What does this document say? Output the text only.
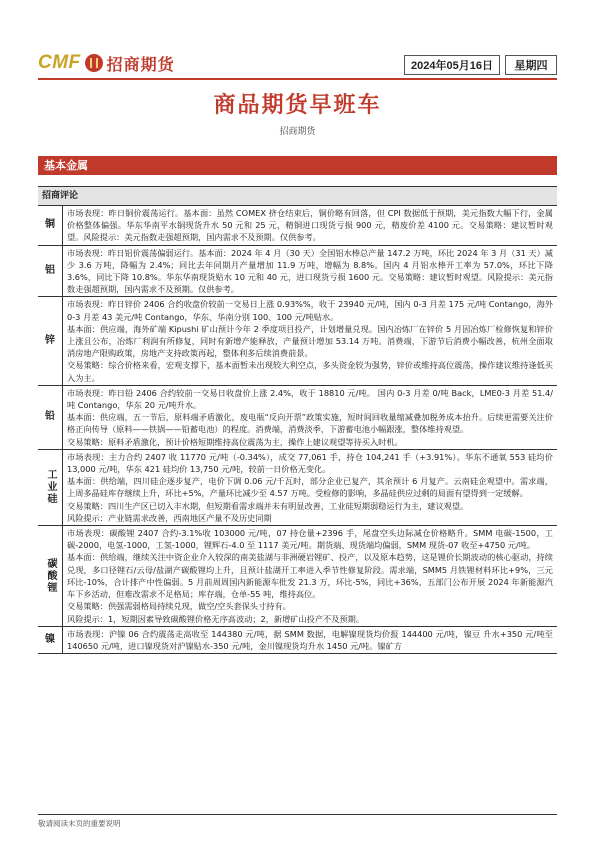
CMF 招商期货	2024年05月16日	星期四
商品期货早班车
招商期货
基本金属
招商评论
铜

市场表现：昨日铜价震荡运行。基本面：虽然 COMEX 挤仓结束后，铜价略有回落，但 CPI 数据低于预期，美元指数大幅下行，金属价格整体偏强。华东华南平水铜现货升水 50 元和 25 元，精铜进口现货亏损 900 元，精废价差 4100 元。交易策略：建议暂时观望。风险提示：美元指数走强超预期，国内需求不及预期。仅供参考。

铝

市场表现：昨日铝价震荡偏弱运行。基本面：2024 年 4 月（30 天）全国铝水棒总产量 147.2 万吨，环比 2024 年 3 月（31 天）减少 3.6 万吨，降幅为 2.4%；同比去年同期月产量增加 11.9 万吨，增幅为 8.8%。国内 4 月铝水棒开工率为 57.0%，环比下降 3.6%，同比下降 10.8%。华东华南现货贴水 10 元和 40 元，进口现货亏损 1600 元。交易策略：建议暂时观望。风险提示：美元指数走强超预期，国内需求不及预期。仅供参考。

锌

市场表现：昨日锌价 2406 合约收盘价较前一交易日上涨 0.93%%，收于 23940 元/吨，国内 0-3 月差 175 元/吨 Contango，海外 0-3 月差 43 美元/吨 Contango，华东、华南分别 100、100 元/吨贴水。

基本面：供应端，海外矿端 Kipushi 矿山预计今年 2 季度项目投产，计划增量兑现。国内冶炼厂在锌价 5 月因冶炼厂检修恢复和锌价上涨且公布，冶炼厂利润有所修复，同时有新增产能释放，产量预计增加 53.14 万吨。消费端，下游节后消费小幅改善，杭州全面取消房地产限购政策，房地产支持政策再起，整体利多后续消费前景。

交易策略：综合价格来看，宏观支撑下，基本面暂未出现较大利空点，多头资金较为强势，锌价或维持高位震荡，操作建议维持逢低买入为主。

铅

市场表现：昨日铅 2406 合约较前一交易日收盘价上涨 2.4%，收于 18810 元/吨。 国内 0-3 月差 0/吨 Back，LME0-3 月差 51.4/吨 Contango，华东 20 元/吨升水。

基本面：供应端，五一节后，原料端矛盾激化，废电瓶“反向开票”政策实施，短时间回收量缩减叠加税务成本抬升。后续更需要关注价格正向传导（原料——铁锅——铅蓄电池）的程度。消费端，消费淡季，下游蓄电池小幅跟涨，整体维持观望。

交易策略：原料矛盾激化，预计价格短期维持高位震荡为主，操作上建议观望等待买入时机。

工业硅

市场表现：主力合约 2407 收 11770 元/吨（-0.34%），成交 77,061 手，持仓 104,241 手（+3.91%）。华东不通氧 553 硅均价 13,000 元/吨，华东 421 硅均价 13,750 元/吨，较前一日价格无变化。

基本面：供给端，四川硅企逐步复产，电价下调 0.06 元/千瓦时，部分企业已复产，其余预计 6 月复产。云南硅企观望中。需求端，上周多晶硅库存继续上升，环比+5%，产量环比减少至 4.57 万吨。受检修的影响，多晶硅供应过剩的局面有望得到一定缓解。

交易策略：四川生产区已切入丰水期，但短期看需求端并未有明显改善，工业硅短期弱稳运行为主，建议观望。

风险提示：产业链需求改善，西南地区产量不及历史同期

碳酸锂

市场表现：碳酸锂 2407 合约-3.1%收 103000 元/吨，07 持仓量+2396 手，尾盘空头边际减仓价格略升。SMM 电碳-1500，工碳-2000，电氢-1000，工氢-1000，锂辉石-4.0 至 1117 美元/吨。期货端、现货端均偏弱，SMM 现货-07 收至+4750 元/吨。

基本面：供给端，继续关注中资企业介入较深的南美盐湖与非洲硬岩锂矿、投产，以及原本趋势，这是锂价长期波动的核心驱动，持续兑现，多口径锂石/云母/盐湖产碳酸锂均上升，且预计盐湖开工率进入季节性修复阶段。需求端，SMM5 月铁锂材料环比+9%，三元环比-10%，合计排产中性偏弱。5 月前周周国内新能源车批发 21.3 万，环比-5%，同比+36%，五部门公布开展 2024 年新能源汽车下乡活动，但难改需求不足格局；库存端，仓单-55 吨，维持高位。

交易策略：供强需弱格局持续兑现，做空/空头套保头寸持有。

风险提示：1，短期因素导致碳酸锂价格无序高波动；2，新增矿山投产不及预期。

镍

市场表现：沪镍 06 合约震荡走高收至 144380 元/吨，据 SMM 数据，电解镍现货均价报 144400 元/吨，镍豆 升水+350 元/吨至 140650 元/吨，进口镍现货对沪镍贴水-350 元/吨，金川镍现货均升水 1450 元/吨。镍矿方

敬请阅读末页的重要说明
